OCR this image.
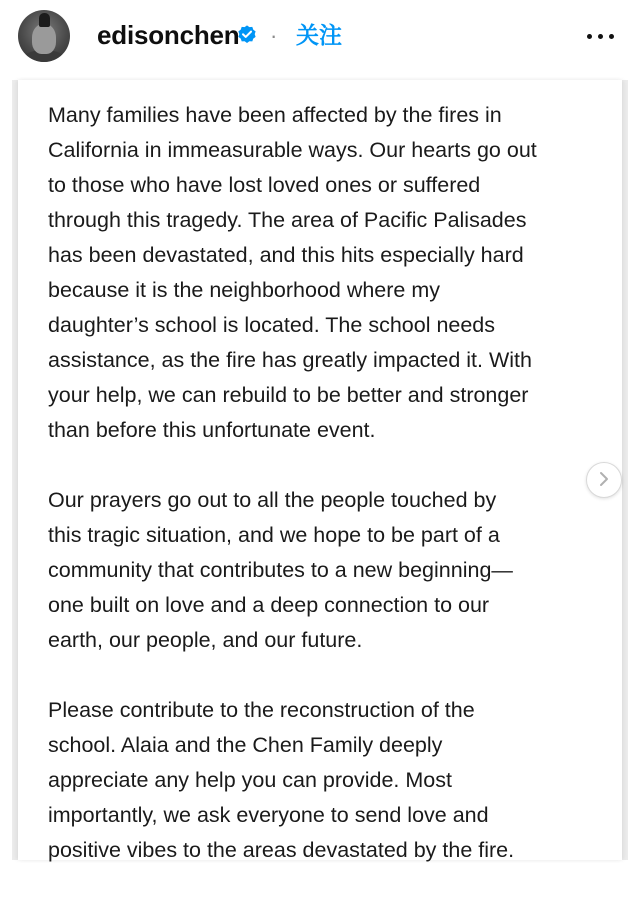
edisonchen · 关注

Many families have been affected by the fires in
California in immeasurable ways. Our hearts go out
to those who have lost loved ones or suffered
through this tragedy. The area of Pacific Palisades
has been devastated, and this hits especially hard
because it is the neighborhood where my
daughter’s school is located. The school needs
assistance, as the fire has greatly impacted it. With
your help, we can rebuild to be better and stronger
than before this unfortunate event.

Our prayers go out to all the people touched by
this tragic situation, and we hope to be part of a
community that contributes to a new beginning—
one built on love and a deep connection to our
earth, our people, and our future.

Please contribute to the reconstruction of the
school. Alaia and the Chen Family deeply
appreciate any help you can provide. Most
importantly, we ask everyone to send love and
positive vibes to the areas devastated by the fire.
